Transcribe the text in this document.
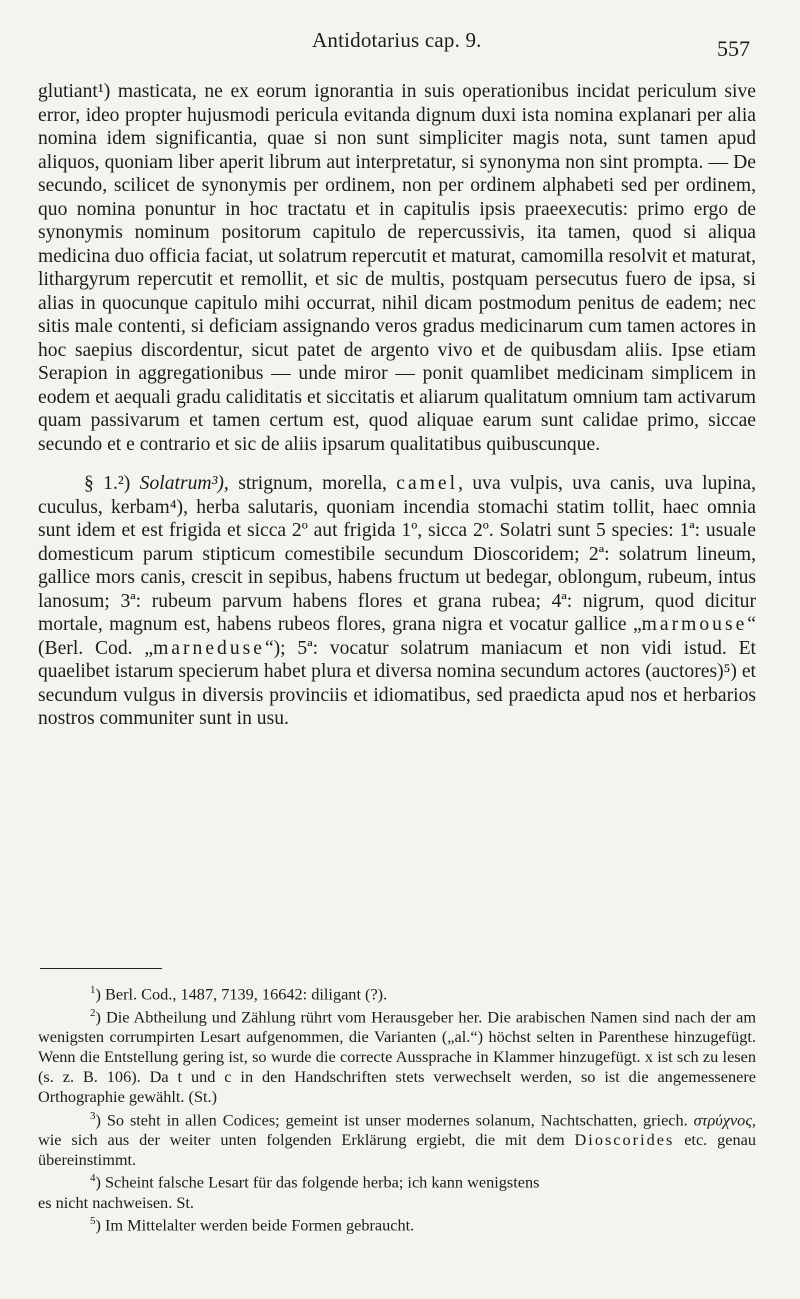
Antidotarius cap. 9.	557

glutiant¹) masticata, ne ex eorum ignorantia in suis operationibus incidat periculum sive error, ideo propter hujusmodi pericula evitanda dignum duxi ista nomina explanari per alia nomina idem significantia, quae si non sunt simpliciter magis nota, sunt tamen apud aliquos, quoniam liber aperit librum aut interpretatur, si synonyma non sint prompta. — De secundo, scilicet de synonymis per ordinem, non per ordinem alphabeti sed per ordinem, quo nomina ponuntur in hoc tractatu et in capitulis ipsis praeexecutis: primo ergo de synonymis nominum positorum capitulo de repercussivis, ita tamen, quod si aliqua medicina duo officia faciat, ut solatrum repercutit et maturat, camomilla resolvit et maturat, lithargyrum repercutit et remollit, et sic de multis, postquam persecutus fuero de ipsa, si alias in quocunque capitulo mihi occurrat, nihil dicam postmodum penitus de eadem; nec sitis male contenti, si deficiam assignando veros gradus medicinarum cum tamen actores in hoc saepius discordentur, sicut patet de argento vivo et de quibusdam aliis. Ipse etiam Serapion in aggregationibus — unde miror — ponit quamlibet medicinam simplicem in eodem et aequali gradu caliditatis et siccitatis et aliarum qualitatum omnium tam activarum quam passivarum et tamen certum est, quod aliquae earum sunt calidae primo, siccae secundo et e contrario et sic de aliis ipsarum qualitatibus quibuscunque.

§ 1.²) Solatrum³), strignum, morella, camel, uva vulpis, uva canis, uva lupina, cuculus, kerbam⁴), herba salutaris, quoniam incendia stomachi statim tollit, haec omnia sunt idem et est frigida et sicca 2º aut frigida 1º, sicca 2º. Solatri sunt 5 species: 1ª: usuale domesticum parum stipticum comestibile secundum Dioscoridem; 2ª: solatrum lineum, gallice mors canis, crescit in sepibus, habens fructum ut bedegar, oblongum, rubeum, intus lanosum; 3ª: rubeum parvum habens flores et grana rubea; 4ª: nigrum, quod dicitur mortale, magnum est, habens rubeos flores, grana nigra et vocatur gallice „marmouse“ (Berl. Cod. „marneduse“); 5ª: vocatur solatrum maniacum et non vidi istud. Et quaelibet istarum specierum habet plura et diversa nomina secundum actores (auctores)⁵) et secundum vulgus in diversis provinciis et idiomatibus, sed praedicta apud nos et herbarios nostros communiter sunt in usu.

$^1$) Berl. Cod., 1487, 7139, 16642: diligant (?).

$^2$) Die Abtheilung und Zählung rührt vom Herausgeber her. Die arabischen Namen sind nach der am wenigsten corrumpirten Lesart aufgenommen, die Varianten („al.“) höchst selten in Parenthese hinzugefügt. Wenn die Entstellung gering ist, so wurde die correcte Aussprache in Klammer hinzugefügt. x ist sch zu lesen (s. z. B. 106). Da t und c in den Handschriften stets verwechselt werden, so ist die angemessenere Orthographie gewählt. (St.)

$^3$) So steht in allen Codices; gemeint ist unser modernes solanum, Nachtschatten, griech. στρύχνος, wie sich aus der weiter unten folgenden Erklärung ergiebt, die mit dem Dioscorides etc. genau übereinstimmt.

$^4$) Scheint falsche Lesart für das folgende herba; ich kann wenigstens

es nicht nachweisen. St.

$^5$) Im Mittelalter werden beide Formen gebraucht.
